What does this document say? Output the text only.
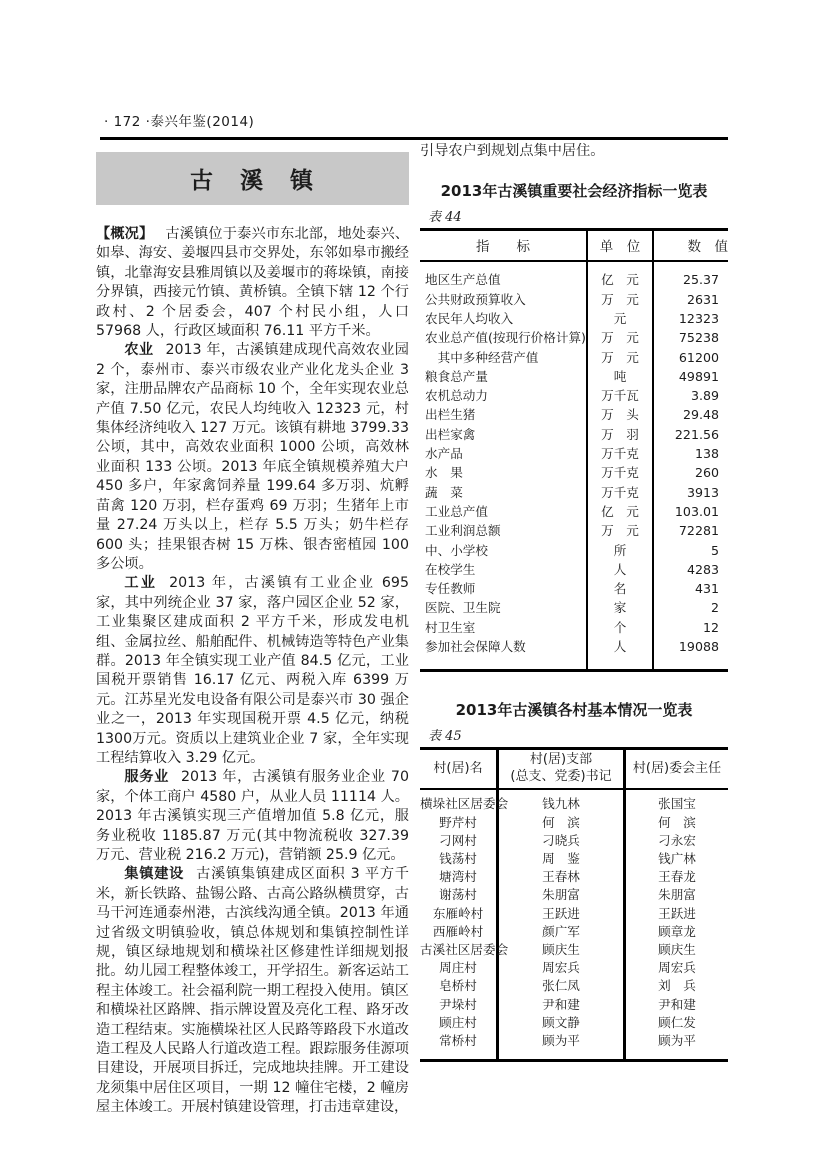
· 172 ·泰兴年鉴(2014)
古　溪　镇

【概况】 古溪镇位于泰兴市东北部，地处泰兴、如皋、海安、姜堰四县市交界处，东邻如皋市搬经镇，北靠海安县雅周镇以及姜堰市的蒋垛镇，南接分界镇，西接元竹镇、黄桥镇。全镇下辖 12 个行政村、2 个居委会，407 个村民小组，人口 57968 人，行政区域面积 76.11 平方千米。

农业 2013 年，古溪镇建成现代高效农业园 2 个，泰州市、泰兴市级农业产业化龙头企业 3 家，注册品牌农产品商标 10 个，全年实现农业总产值 7.50 亿元，农民人均纯收入 12323 元，村集体经济纯收入 127 万元。该镇有耕地 3799.33 公顷，其中，高效农业面积 1000 公顷，高效林业面积 133 公顷。2013 年底全镇规模养殖大户 450 多户，年家禽饲养量 199.64 多万羽、炕孵苗禽 120 万羽，栏存蛋鸡 69 万羽；生猪年上市量 27.24 万头以上，栏存 5.5 万头；奶牛栏存 600 头；挂果银杏树 15 万株、银杏密植园 100 多公顷。

工业 2013 年，古溪镇有工业企业 695 家，其中列统企业 37 家，落户园区企业 52 家，工业集聚区建成面积 2 平方千米，形成发电机组、金属拉丝、船舶配件、机械铸造等特色产业集群。2013 年全镇实现工业产值 84.5 亿元，工业国税开票销售 16.17 亿元、两税入库 6399 万元。江苏星光发电设备有限公司是泰兴市 30 强企业之一，2013 年实现国税开票 4.5 亿元，纳税 1300万元。资质以上建筑业企业 7 家，全年实现工程结算收入 3.29 亿元。

服务业 2013 年，古溪镇有服务业企业 70 家，个体工商户 4580 户，从业人员 11114 人。2013 年古溪镇实现三产值增加值 5.8 亿元，服务业税收 1185.87 万元(其中物流税收 327.39 万元、营业税 216.2 万元)，营销额 25.9 亿元。

集镇建设 古溪镇集镇建成区面积 3 平方千米，新长铁路、盐锡公路、古高公路纵横贯穿，古马干河连通泰州港，古滨线沟通全镇。2013 年通过省级文明镇验收，镇总体规划和集镇控制性详规，镇区绿地规划和横垛社区修建性详细规划报批。幼儿园工程整体竣工，开学招生。新客运站工程主体竣工。社会福利院一期工程投入使用。镇区和横垛社区路牌、指示牌设置及亮化工程、路牙改造工程结束。实施横垛社区人民路等路段下水道改造工程及人民路人行道改造工程。跟踪服务佳源项目建设，开展项目拆迁，完成地块挂牌。开工建设龙须集中居住区项目，一期 12 幢住宅楼，2 幢房屋主体竣工。开展村镇建设管理，打击违章建设，

引导农户到规划点集中居住。

2013年古溪镇重要社会经济指标一览表
表 44
指　　标	单　位	数　值
地区生产总值	亿　元	25.37
公共财政预算收入	万　元	2631
农民年人均收入	元	12323
农业总产值(按现行价格计算)	万　元	75238
　其中多种经营产值	万　元	61200
粮食总产量	吨	49891
农机总动力	万千瓦	3.89
出栏生猪	万　头	29.48
出栏家禽	万　羽	221.56
水产品	万千克	138
水　果	万千克	260
蔬　菜	万千克	3913
工业总产值	亿　元	103.01
工业利润总额	万　元	72281
中、小学校	所	5
在校学生	人	4283
专任教师	名	431
医院、卫生院	家	2
村卫生室	个	12
参加社会保障人数	人	19088
2013年古溪镇各村基本情况一览表
表 45
村(居)名	村(居)支部
(总支、党委)书记	村(居)委会主任
横垛社区居委会	钱九林	张国宝
野芹村	何　滨	何　滨
刁网村	刁晓兵	刁永宏
钱荡村	周　鉴	钱广林
塘湾村	王春林	王春龙
谢荡村	朱朋富	朱朋富
东雁岭村	王跃进	王跃进
西雁岭村	颜广军	顾章龙
古溪社区居委会	顾庆生	顾庆生
周庄村	周宏兵	周宏兵
皂桥村	张仁凤	刘　兵
尹垛村	尹和建	尹和建
顾庄村	顾文静	顾仁发
常桥村	顾为平	顾为平
